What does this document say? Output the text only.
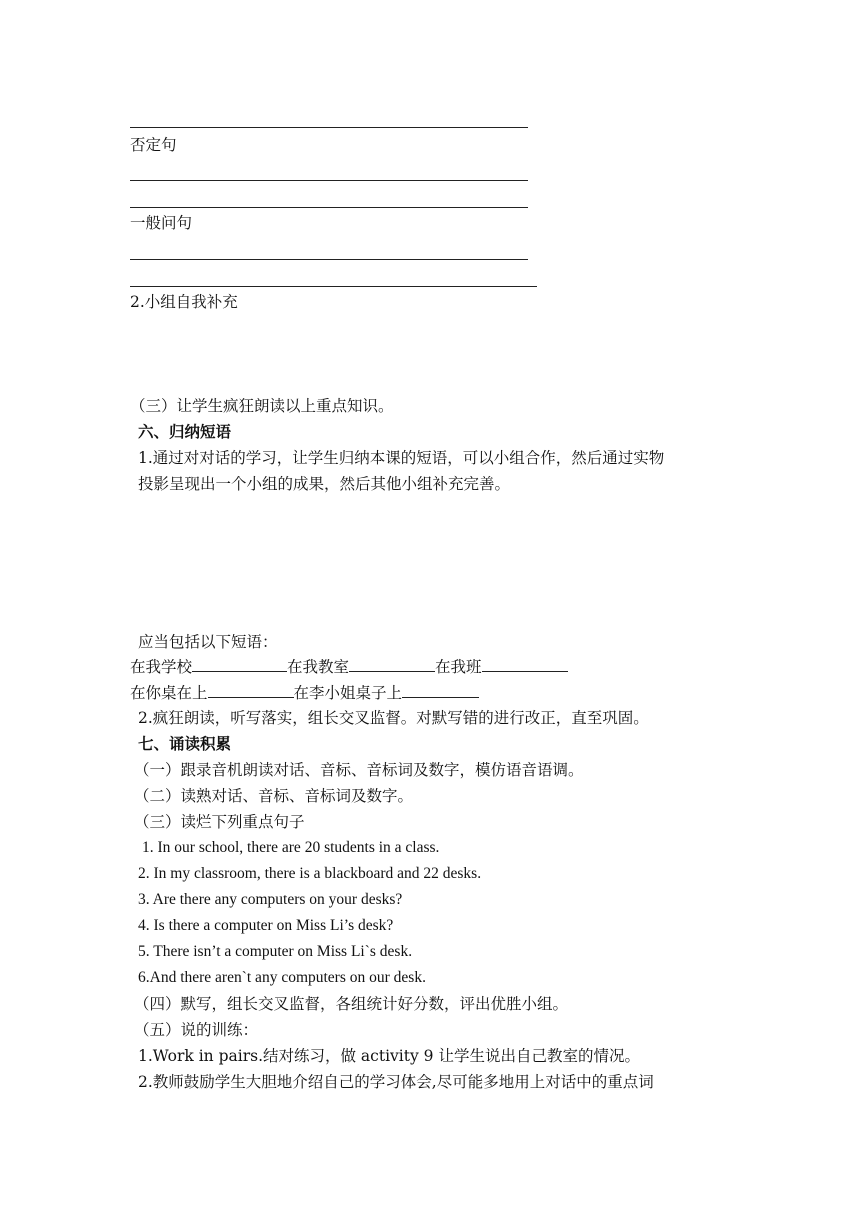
否定句
一般问句
2.小组自我补充
（三）让学生疯狂朗读以上重点知识。
六、归纳短语
1.通过对对话的学习，让学生归纳本课的短语，可以小组合作，然后通过实物
投影呈现出一个小组的成果，然后其他小组补充完善。
应当包括以下短语：
在我学校	在我教室	在我班
在你桌在上	在李小姐桌子上
2.疯狂朗读，听写落实，组长交叉监督。对默写错的进行改正，直至巩固。
七、诵读积累
（一）跟录音机朗读对话、音标、音标词及数字，模仿语音语调。
（二）读熟对话、音标、音标词及数字。
（三）读烂下列重点句子
1. In our school, there are 20 students in a class.
2. In my classroom, there is a blackboard and 22 desks.
3. Are there any computers on your desks?
4. Is there a computer on Miss Li’s desk?
5. There isn’t a computer on Miss Li`s desk.
6.And there aren`t any computers on our desk.
（四）默写，组长交叉监督，各组统计好分数，评出优胜小组。
（五）说的训练：
1.Work in pairs.结对练习，做 activity 9 让学生说出自己教室的情况。
2.教师鼓励学生大胆地介绍自己的学习体会,尽可能多地用上对话中的重点词
